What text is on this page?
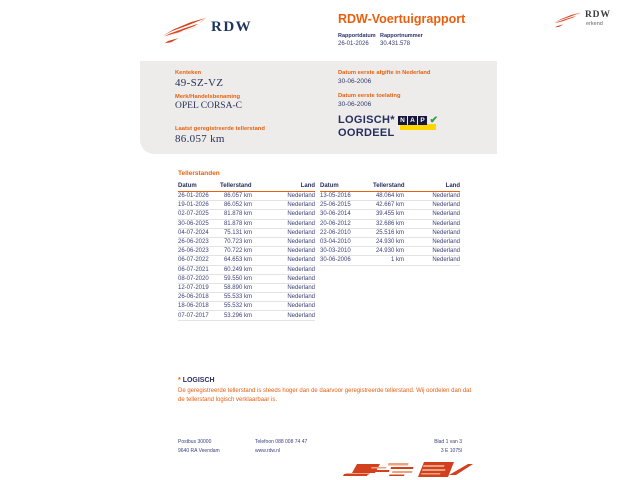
RDW	RDW-Voertuigrapport
Rapportdatum
26-01-2026
Rapportnummer
30.431.578
RDW
erkend
Kenteken
49-SZ-VZ
Merk/Handelsbenaming
OPEL CORSA-C
Laatst geregistreerde tellerstand
86.057 km
Datum eerste afgifte in Nederland
30-06-2006
Datum eerste toelating
30-06-2006
LOGISCH*
OORDEEL
N A P ✔
Tellerstanden
Datum	Tellerstand	Land
26-01-2026	86.057 km	Nederland
19-01-2026	86.052 km	Nederland
02-07-2025	81.878 km	Nederland
30-06-2025	81.878 km	Nederland
04-07-2024	75.131 km	Nederland
26-06-2023	70.723 km	Nederland
26-06-2023	70.722 km	Nederland
06-07-2022	64.653 km	Nederland
06-07-2021	60.249 km	Nederland
08-07-2020	59.550 km	Nederland
12-07-2019	58.890 km	Nederland
26-06-2018	55.533 km	Nederland
18-06-2018	55.532 km	Nederland
07-07-2017	53.296 km	Nederland
Datum	Tellerstand	Land
13-05-2016	48.064 km	Nederland
25-06-2015	42.667 km	Nederland
30-06-2014	39.455 km	Nederland
20-06-2012	32.686 km	Nederland
22-06-2010	25.516 km	Nederland
03-04-2010	24.930 km	Nederland
30-03-2010	24.930 km	Nederland
30-06-2006	1 km	Nederland
* LOGISCH
De geregistreerde tellerstand is steeds hoger dan de daarvoor geregistreerde tellerstand. Wij oordelen dan dat de tellerstand logisch verklaarbaar is.
Postbus 30000
9640 RA Veendam
Telefoon 088 008 74 47
www.rdw.nl
Blad 1 van 3
3 E 1075l
